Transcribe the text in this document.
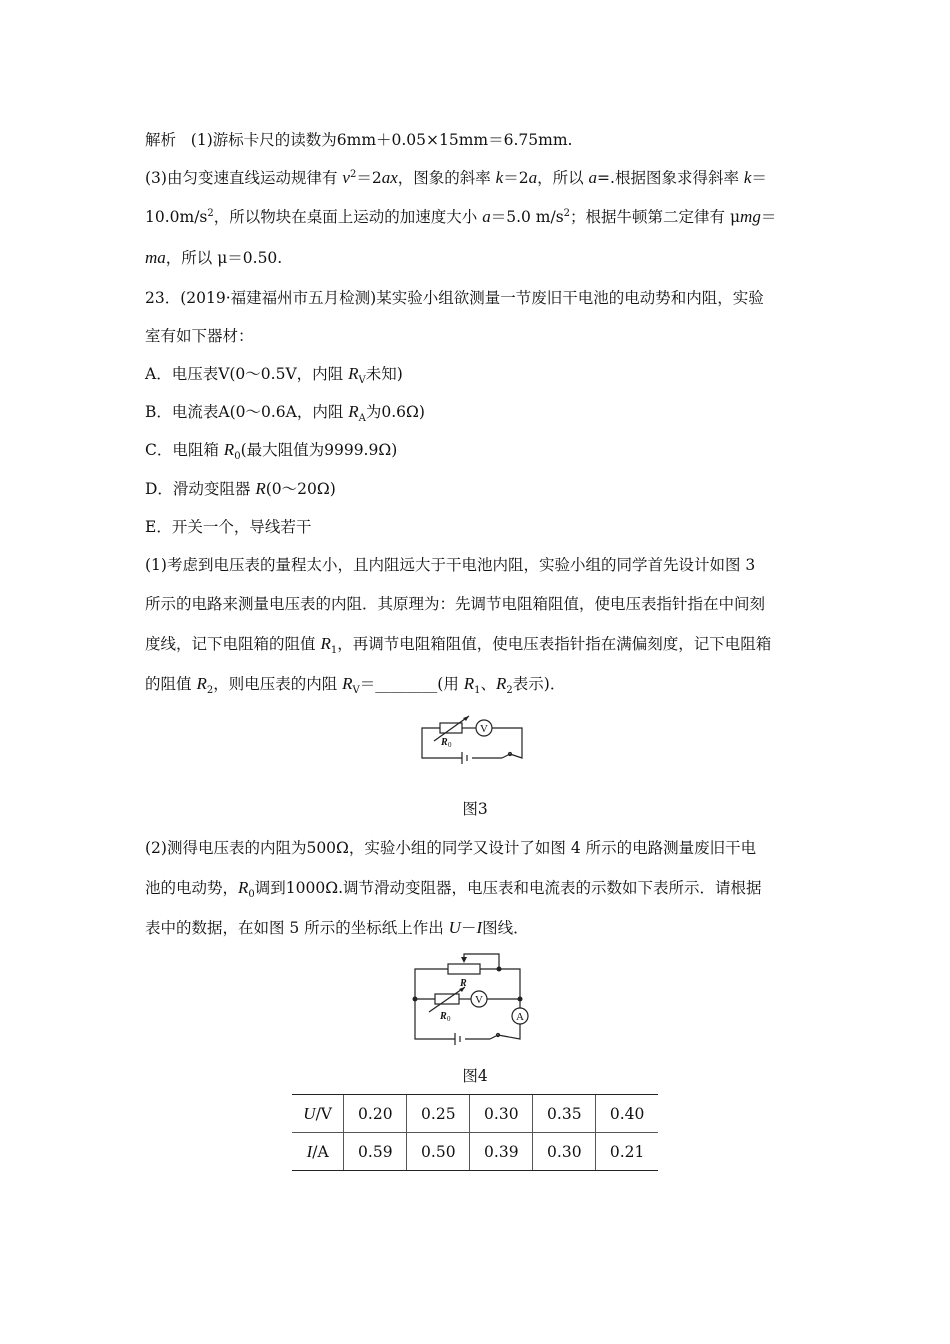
解析 (1)游标卡尺的读数为6mm＋0.05×15mm＝6.75mm.
(3)由匀变速直线运动规律有 $v^2=2ax$，图象的斜率 k＝2a，所以 a=.根据图象求得斜率 k＝
$10.0m/s^2$，所以物块在桌面上运动的加速度大小 a＝5.0 $m/s^2$；根据牛顿第二定律有 μmg＝
ma，所以 μ＝0.50.
23．(2019·福建福州市五月检测)某实验小组欲测量一节废旧干电池的电动势和内阻，实验
室有如下器材：
A．电压表V(0～0.5V，内阻 $R_V$未知)
B．电流表A(0～0.6A，内阻 $R_A$为0.6Ω)
C．电阻箱 $R_0$(最大阻值为9999.9Ω)
D．滑动变阻器 R(0～20Ω)
E．开关一个，导线若干
(1)考虑到电压表的量程太小，且内阻远大于干电池内阻，实验小组的同学首先设计如图 3
所示的电路来测量电压表的内阻．其原理为：先调节电阻箱阻值，使电压表指针指在中间刻
度线，记下电阻箱的阻值 $R_1$，再调节电阻箱阻值，使电压表指针指在满偏刻度，记下电阻箱
的阻值 $R_2$，则电压表的内阻 $R_V=\_\_\_\_\_\_\_\_$(用 $R_1$、$R_2$表示)．
V
R 0
图3
(2)测得电压表的内阻为500Ω，实验小组的同学又设计了如图 4 所示的电路测量废旧干电
池的电动势，$R_0$调到1000Ω.调节滑动变阻器，电压表和电流表的示数如下表所示．请根据
表中的数据，在如图 5 所示的坐标纸上作出 U－I图线．
R
V
A
R 0
图4
U/V	0.20	0.25	0.30	0.35	0.40
I/A	0.59	0.50	0.39	0.30	0.21
